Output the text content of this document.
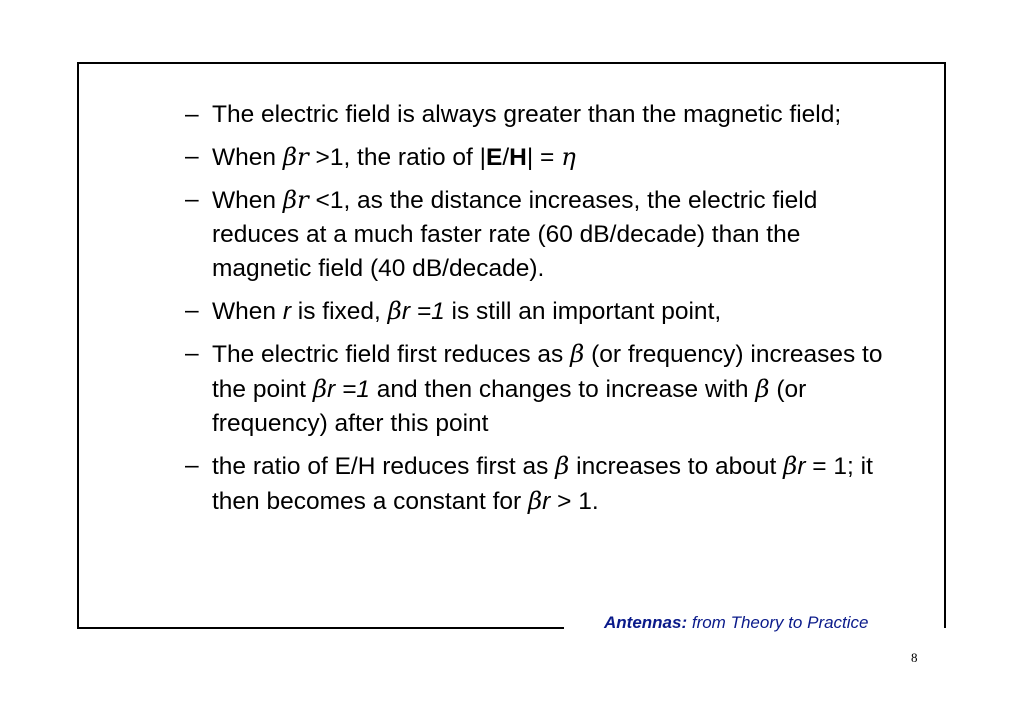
– The electric field is always greater than the magnetic field;
– When βr >1, the ratio of |E/H| = η
– When βr <1, as the distance increases, the electric field reduces at a much faster rate (60 dB/decade) than the magnetic field (40 dB/decade).
– When r is fixed, βr =1 is still an important point,
– The electric field first reduces as β (or frequency) increases to the point βr =1 and then changes to increase with β (or frequency) after this point
– the ratio of E/H reduces first as β increases to about βr = 1; it then becomes a constant for βr > 1.
Antennas: from Theory to Practice
8
